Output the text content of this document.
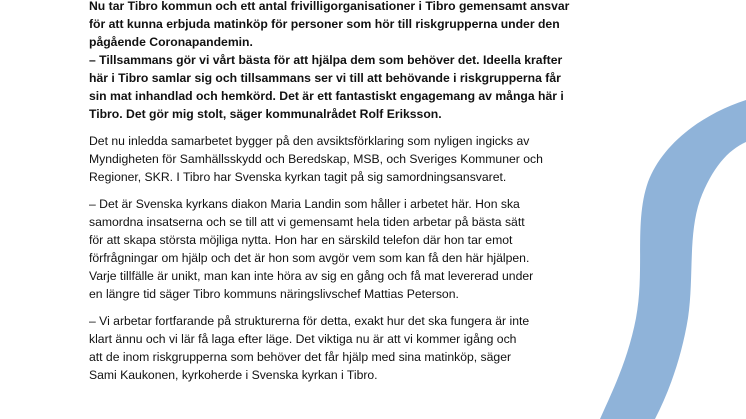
Nu tar Tibro kommun och ett antal frivilligorganisationer i Tibro gemensamt ansvar
för att kunna erbjuda matinköp för personer som hör till riskgrupperna under den
pågående Coronapandemin.

– Tillsammans gör vi vårt bästa för att hjälpa dem som behöver det. Ideella krafter
här i Tibro samlar sig och tillsammans ser vi till att behövande i riskgrupperna får
sin mat inhandlad och hemkörd. Det är ett fantastiskt engagemang av många här i
Tibro. Det gör mig stolt, säger kommunalrådet Rolf Eriksson.

Det nu inledda samarbetet bygger på den avsiktsförklaring som nyligen ingicks av
Myndigheten för Samhällsskydd och Beredskap, MSB, och Sveriges Kommuner och
Regioner, SKR. I Tibro har Svenska kyrkan tagit på sig samordningsansvaret.

– Det är Svenska kyrkans diakon Maria Landin som håller i arbetet här. Hon ska
samordna insatserna och se till att vi gemensamt hela tiden arbetar på bästa sätt
för att skapa största möjliga nytta. Hon har en särskild telefon där hon tar emot
förfrågningar om hjälp och det är hon som avgör vem som kan få den här hjälpen.
Varje tillfälle är unikt, man kan inte höra av sig en gång och få mat levererad under
en längre tid säger Tibro kommuns näringslivschef Mattias Peterson.

– Vi arbetar fortfarande på strukturerna för detta, exakt hur det ska fungera är inte
klart ännu och vi lär få laga efter läge. Det viktiga nu är att vi kommer igång och
att de inom riskgrupperna som behöver det får hjälp med sina matinköp, säger
Sami Kaukonen, kyrkoherde i Svenska kyrkan i Tibro.
